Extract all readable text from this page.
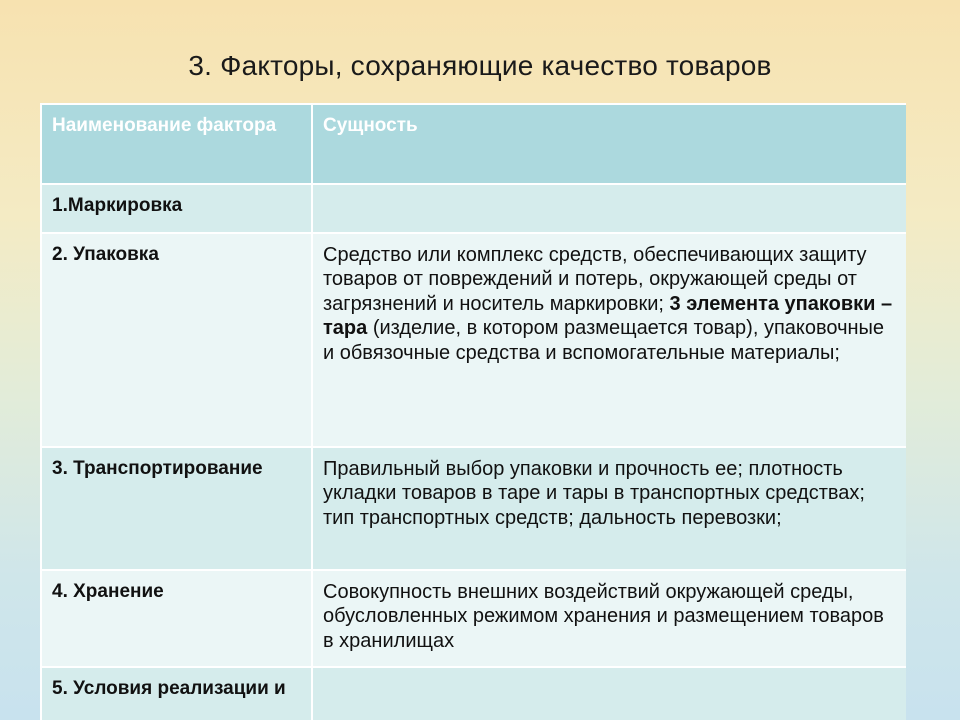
3. Факторы, сохраняющие качество товаров
Наименование фактора	Сущность
1.Маркировка	
2. Упаковка	Средство или комплекс средств, обеспечивающих защиту товаров от повреждений и потерь, окружающей среды от загрязнений и носитель маркировки; 3 элемента упаковки – тара (изделие, в котором размещается товар), упаковочные и обвязочные средства и вспомогательные материалы;
3. Транспортирование	Правильный выбор упаковки и прочность ее; плотность укладки товаров в таре и тары в транспортных средствах; тип транспортных средств; дальность перевозки;
4. Хранение	Совокупность внешних воздействий окружающей среды, обусловленных режимом хранения и размещением товаров в хранилищах
5. Условия реализации и	
